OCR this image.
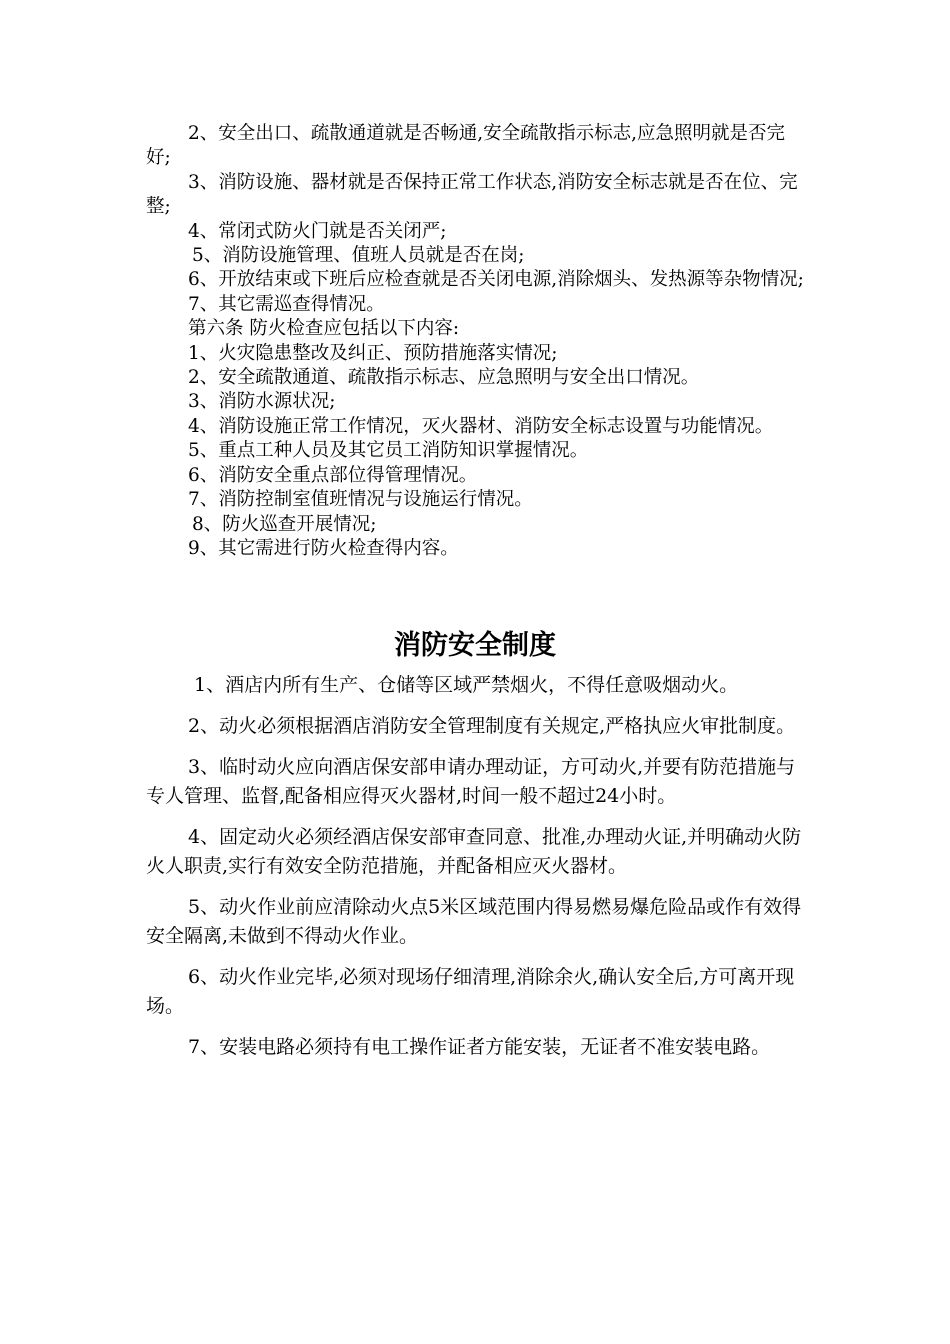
2、安全出口、疏散通道就是否畅通,安全疏散指示标志,应急照明就是否完好;

3、消防设施、器材就是否保持正常工作状态,消防安全标志就是否在位、完整;

4、常闭式防火门就是否关闭严;

5、消防设施管理、值班人员就是否在岗;

6、开放结束或下班后应检查就是否关闭电源,消除烟头、发热源等杂物情况;

7、其它需巡查得情况。

第六条 防火检查应包括以下内容:

1、火灾隐患整改及纠正、预防措施落实情况;

2、安全疏散通道、疏散指示标志、应急照明与安全出口情况。

3、消防水源状况;

4、消防设施正常工作情况，灭火器材、消防安全标志设置与功能情况。

5、重点工种人员及其它员工消防知识掌握情况。

6、消防安全重点部位得管理情况。

7、消防控制室值班情况与设施运行情况。

8、防火巡查开展情况;

9、其它需进行防火检查得内容。

消防安全制度

1、酒店内所有生产、仓储等区域严禁烟火，不得任意吸烟动火。

2、动火必须根据酒店消防安全管理制度有关规定,严格执应火审批制度。

3、临时动火应向酒店保安部申请办理动证，方可动火,并要有防范措施与专人管理、监督,配备相应得灭火器材,时间一般不超过24小时。

4、固定动火必须经酒店保安部审查同意、批准,办理动火证,并明确动火防火人职责,实行有效安全防范措施，并配备相应灭火器材。

5、动火作业前应清除动火点5米区域范围内得易燃易爆危险品或作有效得安全隔离,未做到不得动火作业。

6、动火作业完毕,必须对现场仔细清理,消除余火,确认安全后,方可离开现场。

7、安装电路必须持有电工操作证者方能安装，无证者不准安装电路。
